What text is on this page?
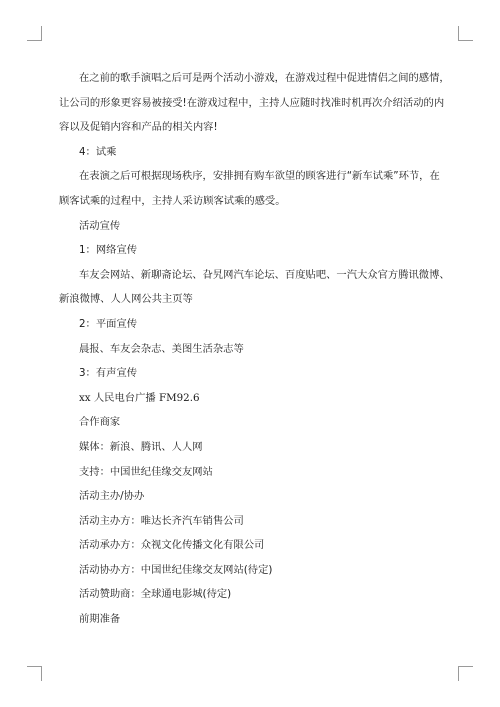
在之前的歌手演唱之后可是两个活动小游戏，在游戏过程中促进情侣之间的感情，
让公司的形象更容易被接受!在游戏过程中，主持人应随时找准时机再次介绍活动的内
容以及促销内容和产品的相关内容!
4：试乘
在表演之后可根据现场秩序，安排拥有购车欲望的顾客进行“新车试乘”环节，在
顾客试乘的过程中，主持人采访顾客试乘的感受。
活动宣传
1：网络宣传
车友会网站、新聊斋论坛、旮旯网汽车论坛、百度贴吧、一汽大众官方腾讯微博、
新浪微博、人人网公共主页等
2：平面宣传
晨报、车友会杂志、美图生活杂志等
3：有声宣传
xx 人民电台广播 FM92.6
合作商家
媒体：新浪、腾讯、人人网
支持：中国世纪佳缘交友网站
活动主办/协办
活动主办方：唯达长齐汽车销售公司
活动承办方：众视文化传播文化有限公司
活动协办方：中国世纪佳缘交友网站(待定)
活动赞助商：全球通电影城(待定)
前期准备
